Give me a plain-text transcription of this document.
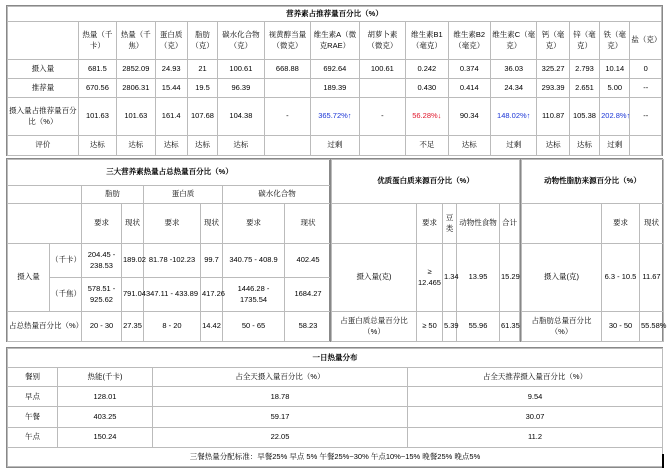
营养素占推荐量百分比（%）															
	热量（千卡）	热量（千焦）	蛋白质（克）	脂肪（克）	碳水化合物（克）	视黄醇当量（微克）	维生素A（微克RAE）	胡萝卜素（微克）	维生素B1（毫克）	维生素B2（毫克）	维生素C（毫克）	钙（毫克）	锌（毫克）	铁（毫克）	盐（克）
摄入量	681.5	2852.09	24.93	21	100.61	668.88	692.64	100.61	0.242	0.374	36.03	325.27	2.793	10.14	0
推荐量	670.56	2806.31	15.44	19.5	96.39		189.39		0.430	0.414	24.34	293.39	2.651	5.00	--
摄入量占推荐量百分比（%）	101.63	101.63	161.4	107.68	104.38	-	365.72%↑	-	56.28%↓	90.34	148.02%↑	110.87	105.38	202.8%↑	--
评价	达标	达标	达标	达标	达标		过剩		不足	达标	过剩	达标	达标	过剩	
三大营养素热量占总热量百分比（%）							
		脂肪		蛋白质		碳水化合物	
		要求	现状	要求	现状	要求	现状
摄入量	（千卡）	204.45 - 238.53	189.02	81.78 -102.23	99.7	340.75 - 408.9	402.45
	（千焦）	578.51 - 925.62	791.04	347.11 - 433.89	417.26	1446.28 - 1735.54	1684.27
占总热量百分比（%）		20 - 30	27.35	8 - 20	14.42	50 - 65	58.23
优质蛋白质来源百分比（%）				
	要求	豆类	动物性食物	合计
摄入量(克)	≥ 12.465	1.34	13.95	15.29
占蛋白质总量百分比（%）	≥ 50	5.39	55.96	61.35
动物性脂肪来源百分比（%）		
	要求	现状
摄入量(克)	6.3 - 10.5	11.67
占脂肪总量百分比（%）	30 - 50	55.58%
一日热量分布			
餐别	热能(千卡)	占全天摄入量百分比（%）	占全天推荐摄入量百分比（%）
早点	128.01	18.78	9.54
午餐	403.25	59.17	30.07
午点	150.24	22.05	11.2
三餐热量分配标准：早餐25% 早点 5% 午餐25%~30% 午点10%~15% 晚餐25% 晚点5%			
